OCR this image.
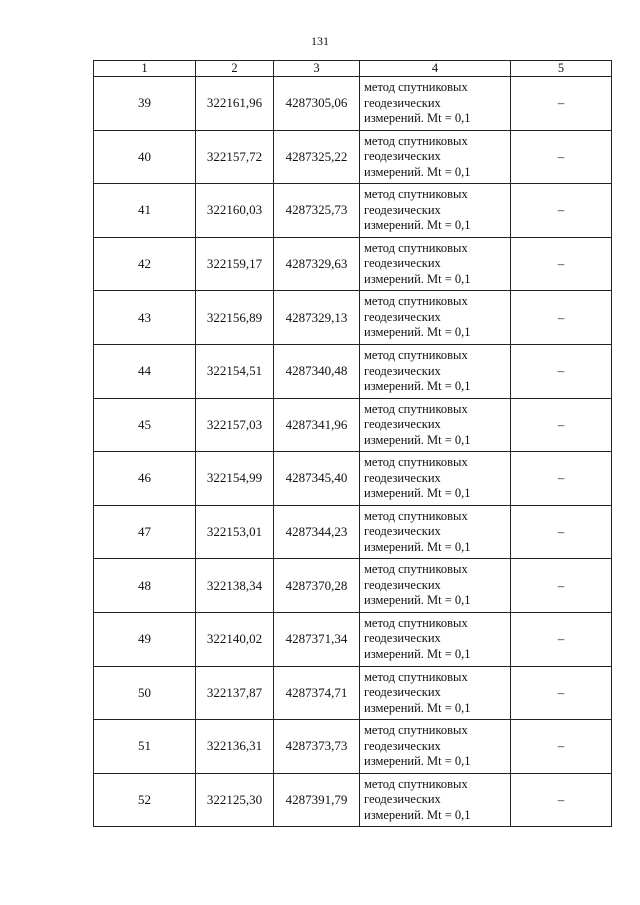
131
1	2	3	4	5
39	322161,96	4287305,06	метод спутниковых
геодезических
измерений. Mt = 0,1	–
40	322157,72	4287325,22	метод спутниковых
геодезических
измерений. Mt = 0,1	–
41	322160,03	4287325,73	метод спутниковых
геодезических
измерений. Mt = 0,1	–
42	322159,17	4287329,63	метод спутниковых
геодезических
измерений. Mt = 0,1	–
43	322156,89	4287329,13	метод спутниковых
геодезических
измерений. Mt = 0,1	–
44	322154,51	4287340,48	метод спутниковых
геодезических
измерений. Mt = 0,1	–
45	322157,03	4287341,96	метод спутниковых
геодезических
измерений. Mt = 0,1	–
46	322154,99	4287345,40	метод спутниковых
геодезических
измерений. Mt = 0,1	–
47	322153,01	4287344,23	метод спутниковых
геодезических
измерений. Mt = 0,1	–
48	322138,34	4287370,28	метод спутниковых
геодезических
измерений. Mt = 0,1	–
49	322140,02	4287371,34	метод спутниковых
геодезических
измерений. Mt = 0,1	–
50	322137,87	4287374,71	метод спутниковых
геодезических
измерений. Mt = 0,1	–
51	322136,31	4287373,73	метод спутниковых
геодезических
измерений. Mt = 0,1	–
52	322125,30	4287391,79	метод спутниковых
геодезических
измерений. Mt = 0,1	–
